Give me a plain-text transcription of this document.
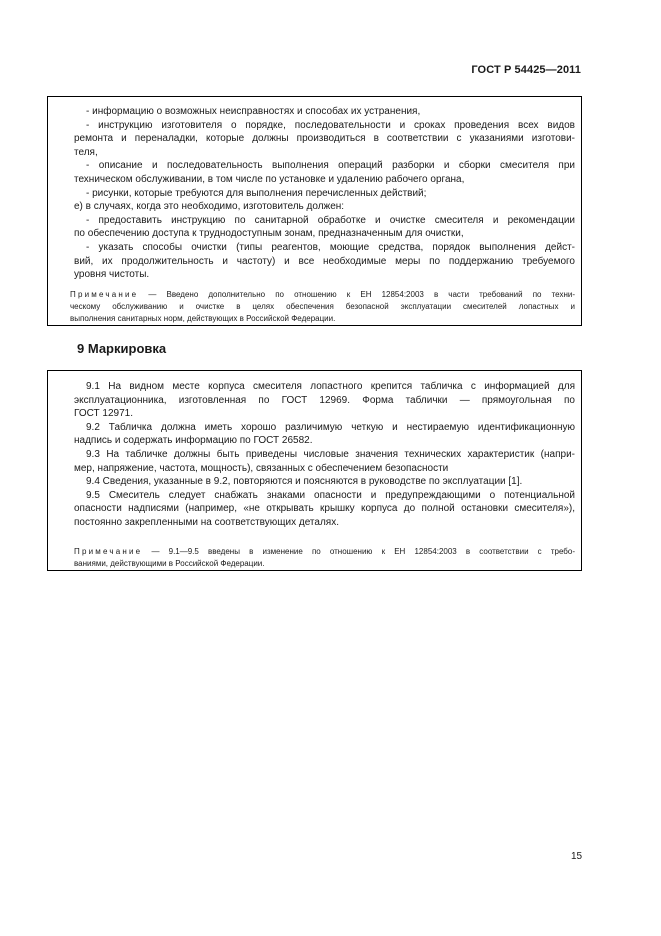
ГОСТ Р 54425—2011
- информацию о возможных неисправностях и способах их устранения,
- инструкцию изготовителя о порядке, последовательности и сроках проведения всех видов
ремонта и переналадки, которые должны производиться в соответствии с указаниями изготови-
теля,
- описание и последовательность выполнения операций разборки и сборки смесителя при
техническом обслуживании, в том числе по установке и удалению рабочего органа,
- рисунки, которые требуются для выполнения перечисленных действий;
е) в случаях, когда это необходимо, изготовитель должен:
- предоставить инструкцию по санитарной обработке и очистке смесителя и рекомендации
по обеспечению доступа к труднодоступным зонам, предназначенным для очистки,
- указать способы очистки (типы реагентов, моющие средства, порядок выполнения дейст-
вий, их продолжительность и частоту) и все необходимые меры по поддержанию требуемого
уровня чистоты.
Примечание — Введено дополнительно по отношению к ЕН 12854:2003 в части требований по техни-
ческому обслуживанию и очистке в целях обеспечения безопасной эксплуатации смесителей лопастных и
выполнения санитарных норм, действующих в Российской Федерации.
9 Маркировка
9.1 На видном месте корпуса смесителя лопастного крепится табличка с информацией для
эксплуатационника, изготовленная по ГОСТ 12969. Форма таблички — прямоугольная по
ГОСТ 12971.
9.2 Табличка должна иметь хорошо различимую четкую и нестираемую идентификационную
надпись и содержать информацию по ГОСТ 26582.
9.3 На табличке должны быть приведены числовые значения технических характеристик (напри-
мер, напряжение, частота, мощность), связанных с обеспечением безопасности
9.4 Сведения, указанные в 9.2, повторяются и поясняются в руководстве по эксплуатации [1].
9.5 Смеситель следует снабжать знаками опасности и предупреждающими о потенциальной
опасности надписями (например, «не открывать крышку корпуса до полной остановки смесителя»),
постоянно закрепленными на соответствующих деталях.
Примечание — 9.1—9.5 введены в изменение по отношению к ЕН 12854:2003 в соответствии с требо-
ваниями, действующими в Российской Федерации.
15
